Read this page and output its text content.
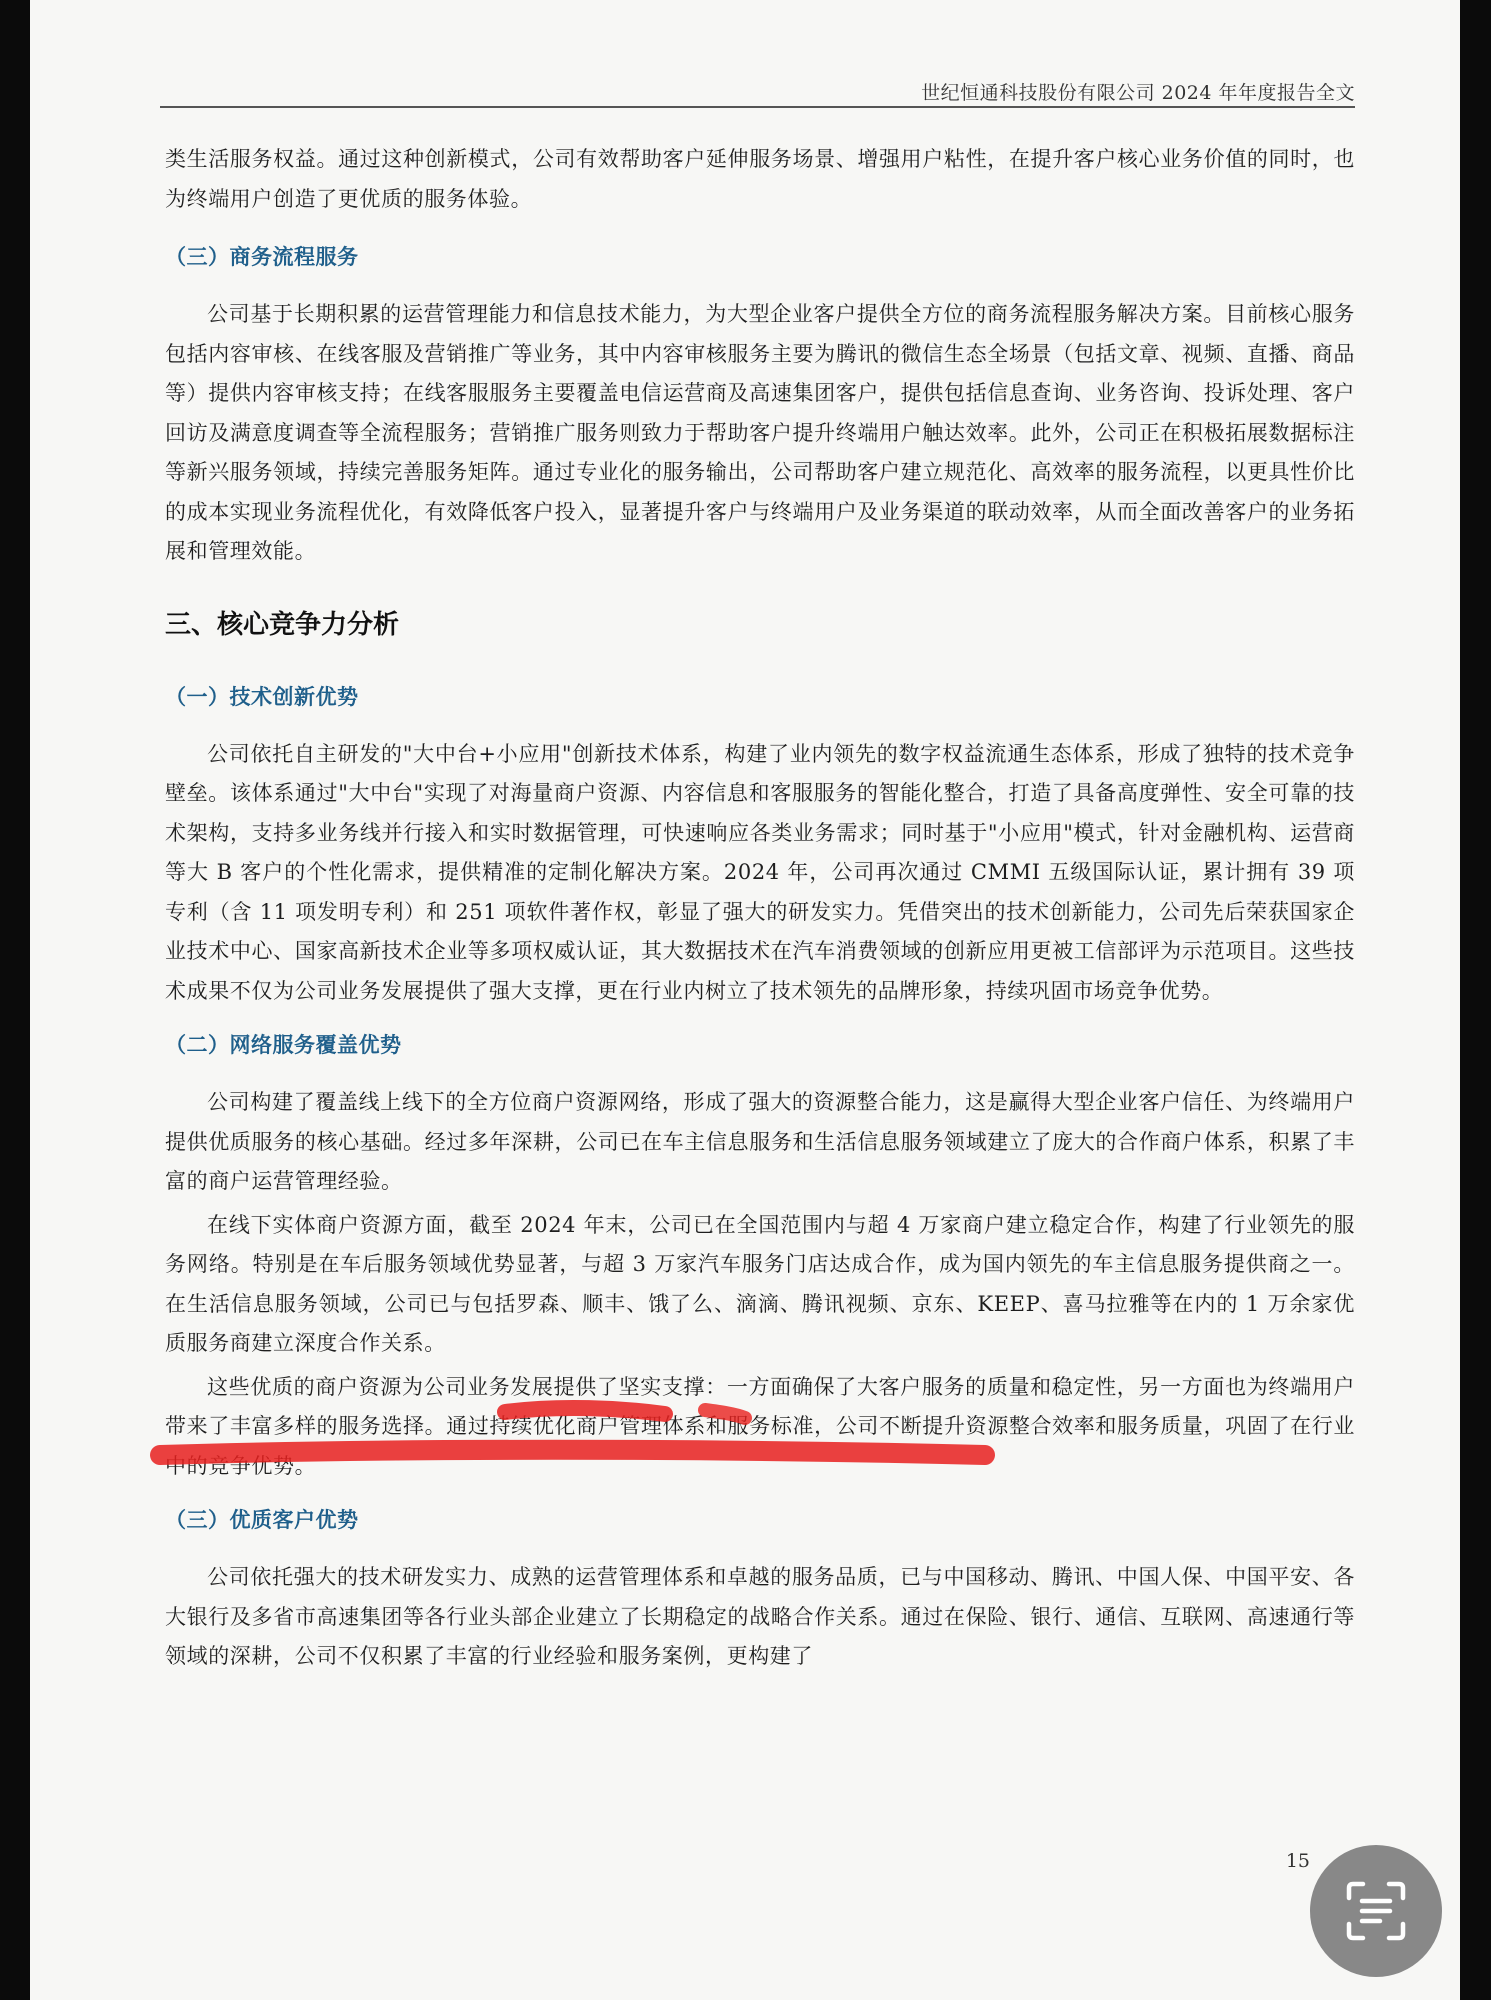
世纪恒通科技股份有限公司 2024 年年度报告全文

类生活服务权益。通过这种创新模式，公司有效帮助客户延伸服务场景、增强用户粘性，在提升客户核心业务价值的同时，也为终端用户创造了更优质的服务体验。

（三）商务流程服务

公司基于长期积累的运营管理能力和信息技术能力，为大型企业客户提供全方位的商务流程服务解决方案。目前核心服务包括内容审核、在线客服及营销推广等业务，其中内容审核服务主要为腾讯的微信生态全场景（包括文章、视频、直播、商品等）提供内容审核支持；在线客服服务主要覆盖电信运营商及高速集团客户，提供包括信息查询、业务咨询、投诉处理、客户回访及满意度调查等全流程服务；营销推广服务则致力于帮助客户提升终端用户触达效率。此外，公司正在积极拓展数据标注等新兴服务领域，持续完善服务矩阵。通过专业化的服务输出，公司帮助客户建立规范化、高效率的服务流程，以更具性价比的成本实现业务流程优化，有效降低客户投入，显著提升客户与终端用户及业务渠道的联动效率，从而全面改善客户的业务拓展和管理效能。

三、核心竞争力分析

（一）技术创新优势

公司依托自主研发的"大中台+小应用"创新技术体系，构建了业内领先的数字权益流通生态体系，形成了独特的技术竞争壁垒。该体系通过"大中台"实现了对海量商户资源、内容信息和客服服务的智能化整合，打造了具备高度弹性、安全可靠的技术架构，支持多业务线并行接入和实时数据管理，可快速响应各类业务需求；同时基于"小应用"模式，针对金融机构、运营商等大 B 客户的个性化需求，提供精准的定制化解决方案。2024 年，公司再次通过 CMMI 五级国际认证，累计拥有 39 项专利（含 11 项发明专利）和 251 项软件著作权，彰显了强大的研发实力。凭借突出的技术创新能力，公司先后荣获国家企业技术中心、国家高新技术企业等多项权威认证，其大数据技术在汽车消费领域的创新应用更被工信部评为示范项目。这些技术成果不仅为公司业务发展提供了强大支撑，更在行业内树立了技术领先的品牌形象，持续巩固市场竞争优势。

（二）网络服务覆盖优势

公司构建了覆盖线上线下的全方位商户资源网络，形成了强大的资源整合能力，这是赢得大型企业客户信任、为终端用户提供优质服务的核心基础。经过多年深耕，公司已在车主信息服务和生活信息服务领域建立了庞大的合作商户体系，积累了丰富的商户运营管理经验。

在线下实体商户资源方面，截至 2024 年末，公司已在全国范围内与超 4 万家商户建立稳定合作，构建了行业领先的服务网络。特别是在车后服务领域优势显著，与超 3 万家汽车服务门店达成合作，成为国内领先的车主信息服务提供商之一。在生活信息服务领域，公司已与包括罗森、顺丰、饿了么、滴滴、腾讯视频、京东、KEEP、喜马拉雅等在内的 1 万余家优质服务商建立深度合作关系。

这些优质的商户资源为公司业务发展提供了坚实支撑：一方面确保了大客户服务的质量和稳定性，另一方面也为终端用户带来了丰富多样的服务选择。通过持续优化商户管理体系和服务标准，公司不断提升资源整合效率和服务质量，巩固了在行业中的竞争优势。

（三）优质客户优势

公司依托强大的技术研发实力、成熟的运营管理体系和卓越的服务品质，已与中国移动、腾讯、中国人保、中国平安、各大银行及多省市高速集团等各行业头部企业建立了长期稳定的战略合作关系。通过在保险、银行、通信、互联网、高速通行等领域的深耕，公司不仅积累了丰富的行业经验和服务案例，更构建了

15
